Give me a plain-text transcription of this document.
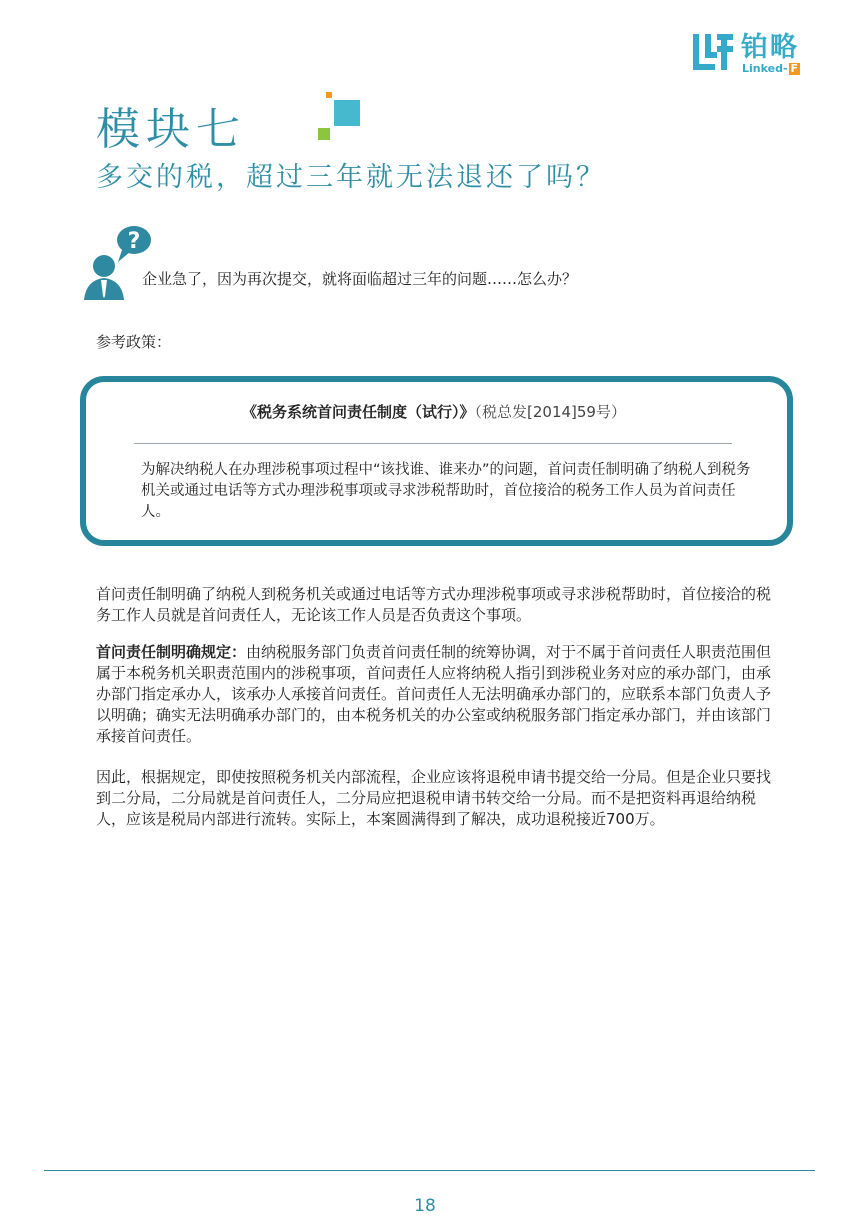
铂略
Linked- F
模块七
多交的税，超过三年就无法退还了吗？
?
企业急了，因为再次提交，就将面临超过三年的问题……怎么办？
参考政策：
《税务系统首问责任制度（试行）》（税总发[2014]59号）
为解决纳税人在办理涉税事项过程中“该找谁、谁来办”的问题，首问责任制明确了纳税人到税务机关或通过电话等方式办理涉税事项或寻求涉税帮助时，首位接洽的税务工作人员为首问责任人。
首问责任制明确了纳税人到税务机关或通过电话等方式办理涉税事项或寻求涉税帮助时，首位接洽的税务工作人员就是首问责任人，无论该工作人员是否负责这个事项。
首问责任制明确规定：由纳税服务部门负责首问责任制的统筹协调，对于不属于首问责任人职责范围但属于本税务机关职责范围内的涉税事项，首问责任人应将纳税人指引到涉税业务对应的承办部门，由承办部门指定承办人，该承办人承接首问责任。首问责任人无法明确承办部门的，应联系本部门负责人予以明确；确实无法明确承办部门的，由本税务机关的办公室或纳税服务部门指定承办部门，并由该部门承接首问责任。
因此，根据规定，即使按照税务机关内部流程，企业应该将退税申请书提交给一分局。但是企业只要找到二分局，二分局就是首问责任人，二分局应把退税申请书转交给一分局。而不是把资料再退给纳税人，应该是税局内部进行流转。实际上，本案圆满得到了解决，成功退税接近700万。
18
